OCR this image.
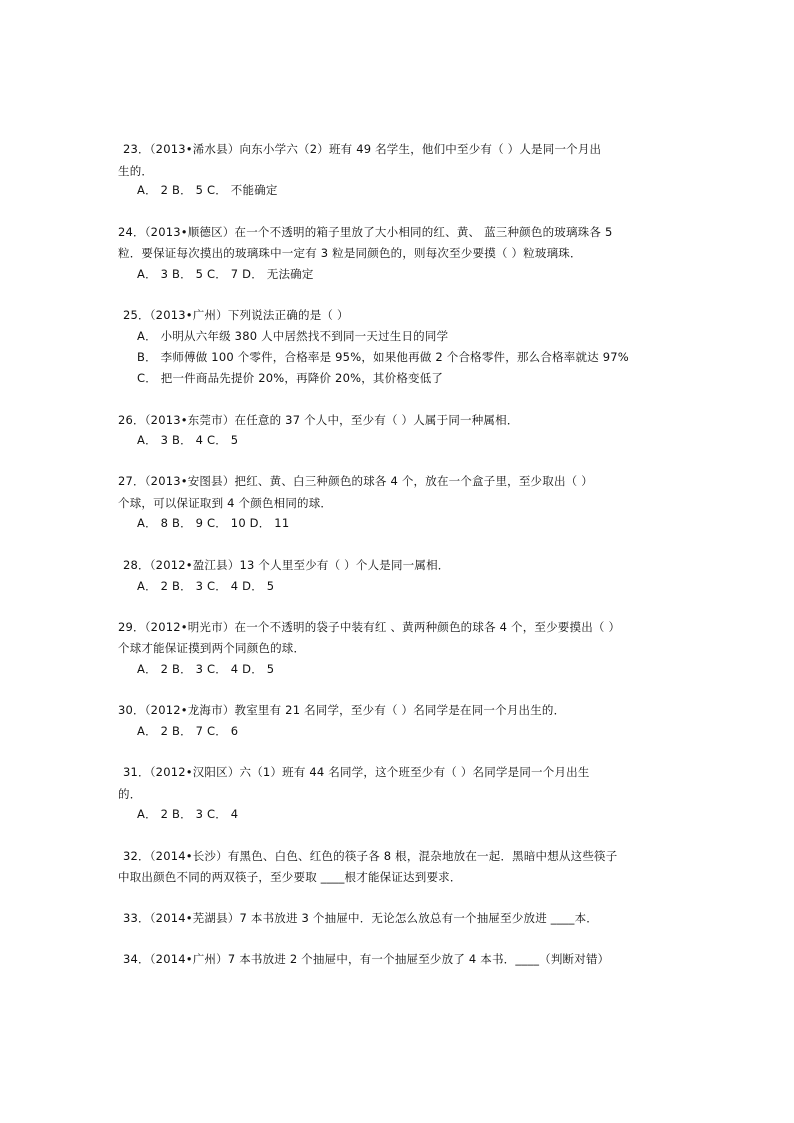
23．（2013•浠水县）向东小学六（2）班有 49 名学生，他们中至少有（ ）人是同一个月出
生的．
A． 2 B． 5 C． 不能确定
24．（2013•顺德区）在一个不透明的箱子里放了大小相同的红、黄、 蓝三种颜色的玻璃珠各 5
粒．要保证每次摸出的玻璃珠中一定有 3 粒是同颜色的，则每次至少要摸（ ）粒玻璃珠．
A． 3 B． 5 C． 7 D． 无法确定
25．（2013•广州）下列说法正确的是（ ）
A． 小明从六年级 380 人中居然找不到同一天过生日的同学
B． 李师傅做 100 个零件，合格率是 95%，如果他再做 2 个合格零件，那么合格率就达 97%
C． 把一件商品先提价 20%，再降价 20%，其价格变低了
26．（2013•东莞市）在任意的 37 个人中，至少有（ ）人属于同一种属相．
A． 3 B． 4 C． 5
27．（2013•安图县）把红、黄、白三种颜色的球各 4 个，放在一个盒子里，至少取出（ ）
个球，可以保证取到 4 个颜色相同的球．
A． 8 B． 9 C． 10 D． 11
28．（2012•盈江县）13 个人里至少有（ ）个人是同一属相．
A． 2 B． 3 C． 4 D． 5
29．（2012•明光市）在一个不透明的袋子中装有红 、黄两种颜色的球各 4 个，至少要摸出（ ）
个球才能保证摸到两个同颜色的球．
A． 2 B． 3 C． 4 D． 5
30．（2012•龙海市）教室里有 21 名同学，至少有（ ）名同学是在同一个月出生的．
A． 2 B． 7 C． 6
31．（2012•汉阳区）六（1）班有 44 名同学，这个班至少有（ ）名同学是同一个月出生
的．
A． 2 B． 3 C． 4
32．（2014•长沙）有黑色、白色、红色的筷子各 8 根，混杂地放在一起．黑暗中想从这些筷子
中取出颜色不同的两双筷子，至少要取 ____根才能保证达到要求．
33．（2014•芜湖县）7 本书放进 3 个抽屉中．无论怎么放总有一个抽屉至少放进 ____本．
34．（2014•广州）7 本书放进 2 个抽屉中，有一个抽屉至少放了 4 本书．____（判断对错）
